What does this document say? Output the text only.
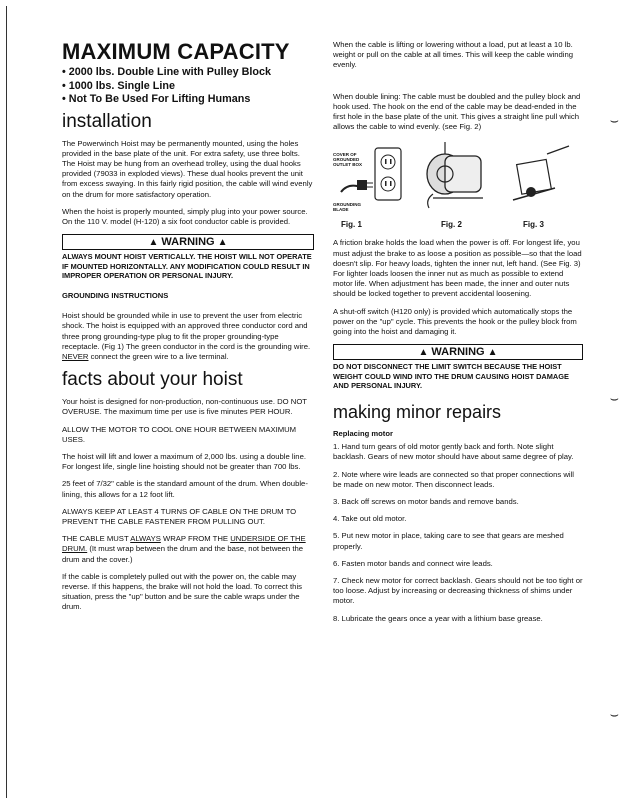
MAXIMUM CAPACITY
• 2000 lbs. Double Line with Pulley Block
• 1000 lbs. Single Line
• Not To Be Used For Lifting Humans
installation

The Powerwinch Hoist may be permanently mounted, using the holes provided in the base plate of the unit. For extra safety, use three bolts. The Hoist may be hung from an overhead trolley, using the dual hooks provided (79033 in exploded views). These dual hooks prevent the unit from excess swaying. In this fairly rigid position, the cable will wind evenly on the drum for more satisfactory operation.

When the hoist is properly mounted, simply plug into your power source. On the 110 V. model (H-120) a six foot conductor cable is provided.

▲ WARNING ▲

ALWAYS MOUNT HOIST VERTICALLY. THE HOIST WILL NOT OPERATE IF MOUNTED HORIZONTALLY. ANY MODIFICATION COULD RESULT IN IMPROPER OPERATION OR PERSONAL INJURY.

GROUNDING INSTRUCTIONS

Hoist should be grounded while in use to prevent the user from electric shock. The hoist is equipped with an approved three conductor cord and three prong grounding-type plug to fit the proper grounding-type receptacle. (Fig 1) The green conductor in the cord is the grounding wire. NEVER connect the green wire to a live terminal.

facts about your hoist

Your hoist is designed for non-production, non-continuous use. DO NOT OVERUSE. The maximum time per use is five minutes PER HOUR.

ALLOW THE MOTOR TO COOL ONE HOUR BETWEEN MAXIMUM USES.

The hoist will lift and lower a maximum of 2,000 lbs. using a double line. For longest life, single line hoisting should not be greater than 700 lbs.

25 feet of 7/32" cable is the standard amount of the drum. When double-lining, this allows for a 12 foot lift.

ALWAYS KEEP AT LEAST 4 TURNS OF CABLE ON THE DRUM TO PREVENT THE CABLE FASTENER FROM PULLING OUT.

THE CABLE MUST ALWAYS WRAP FROM THE UNDERSIDE OF THE DRUM. (It must wrap between the drum and the base, not between the drum and the cover.)

If the cable is completely pulled out with the power on, the cable may reverse. If this happens, the brake will not hold the load. To correct this situation, press the "up" button and be sure the cable wraps under the drum.

When the cable is lifting or lowering without a load, put at least a 10 lb. weight or pull on the cable at all times. This will keep the cable winding evenly.

When double lining: The cable must be doubled and the pulley block and hook used. The hook on the end of the cable may be dead-ended in the first hole in the base plate of the unit. This gives a straight line pull which allows the cable to wind evenly. (see Fig. 2)

COVER OF GROUNDED OUTLET BOX
GROUNDING BLADE
Fig. 1	Fig. 2	Fig. 3

A friction brake holds the load when the power is off. For longest life, you must adjust the brake to as loose a position as possible—so that the load doesn't slip. For heavy loads, tighten the inner nut, left hand. (See Fig. 3) For lighter loads loosen the inner nut as much as possible to extend motor life. When adjustment has been made, the inner and outer nuts should be locked together to prevent accidental loosening.

A shut-off switch (H120 only) is provided which automatically stops the power on the "up" cycle. This prevents the hook or the pulley block from going into the hoist and damaging it.

▲ WARNING ▲

DO NOT DISCONNECT THE LIMIT SWITCH BECAUSE THE HOIST WEIGHT COULD WIND INTO THE DRUM CAUSING HOIST DAMAGE AND PERSONAL INJURY.

making minor repairs

Replacing motor

1. Hand turn gears of old motor gently back and forth. Note slight backlash. Gears of new motor should have about same degree of play.

2. Note where wire leads are connected so that proper connections will be made on new motor. Then disconnect leads.

3. Back off screws on motor bands and remove bands.

4. Take out old motor.

5. Put new motor in place, taking care to see that gears are meshed properly.

6. Fasten motor bands and connect wire leads.

7. Check new motor for correct backlash. Gears should not be too tight or too loose. Adjust by increasing or decreasing thickness of shims under motor.

8. Lubricate the gears once a year with a lithium base grease.

⌣
⌣
⌣
